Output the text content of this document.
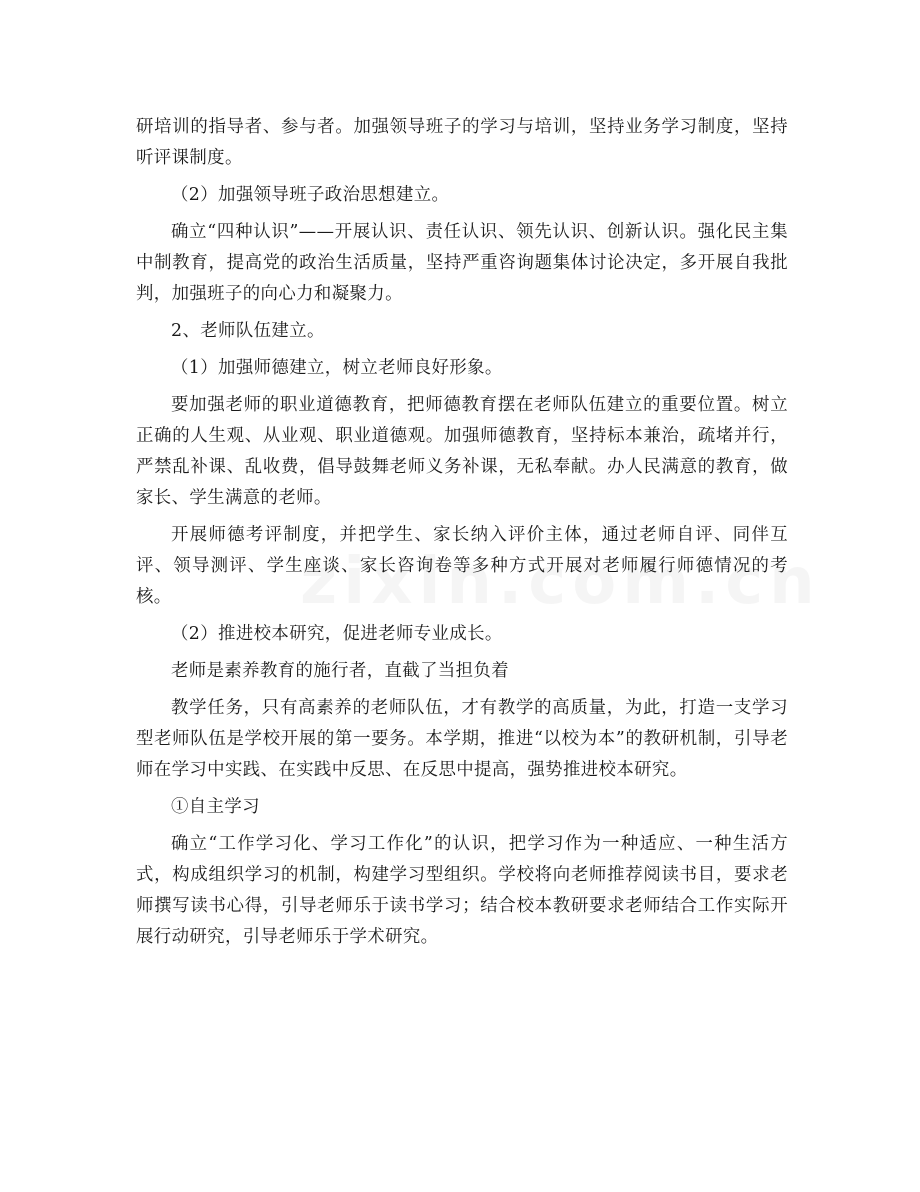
研培训的指导者、参与者。加强领导班子的学习与培训，坚持业务学习制度，坚持听评课制度。

（2）加强领导班子政治思想建立。

确立“四种认识”——开展认识、责任认识、领先认识、创新认识。强化民主集中制教育，提高党的政治生活质量，坚持严重咨询题集体讨论决定，多开展自我批判，加强班子的向心力和凝聚力。

2、老师队伍建立。

（1）加强师德建立，树立老师良好形象。

要加强老师的职业道德教育，把师德教育摆在老师队伍建立的重要位置。树立正确的人生观、从业观、职业道德观。加强师德教育，坚持标本兼治，疏堵并行，严禁乱补课、乱收费，倡导鼓舞老师义务补课，无私奉献。办人民满意的教育，做家长、学生满意的老师。

开展师德考评制度，并把学生、家长纳入评价主体，通过老师自评、同伴互评、领导测评、学生座谈、家长咨询卷等多种方式开展对老师履行师德情况的考核。

（2）推进校本研究，促进老师专业成长。

老师是素养教育的施行者，直截了当担负着

教学任务，只有高素养的老师队伍，才有教学的高质量，为此，打造一支学习型老师队伍是学校开展的第一要务。本学期，推进“以校为本”的教研机制，引导老师在学习中实践、在实践中反思、在反思中提高，强势推进校本研究。

①自主学习

确立“工作学习化、学习工作化”的认识，把学习作为一种适应、一种生活方式，构成组织学习的机制，构建学习型组织。学校将向老师推荐阅读书目，要求老师撰写读书心得，引导老师乐于读书学习；结合校本教研要求老师结合工作实际开展行动研究，引导老师乐于学术研究。
